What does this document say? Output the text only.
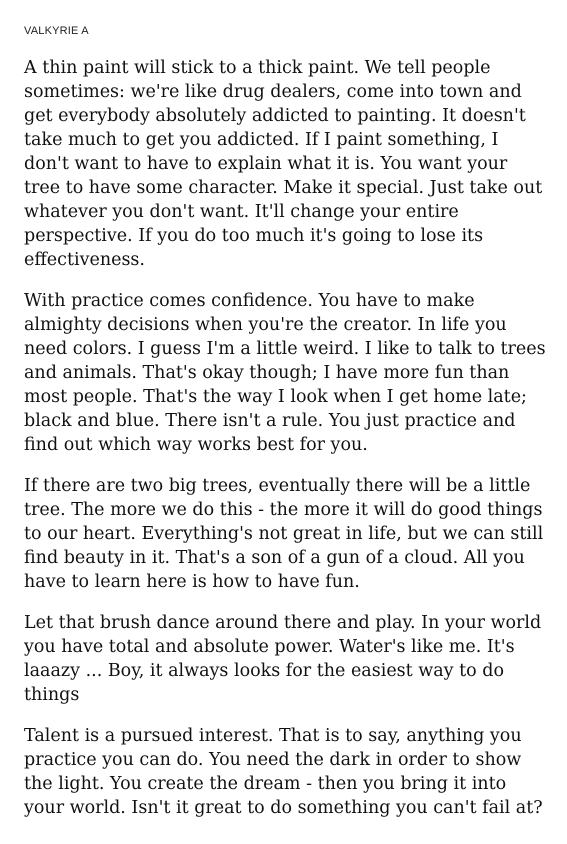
VALKYRIE A

A thin paint will stick to a thick paint. We tell people
sometimes: we're like drug dealers, come into town and
get everybody absolutely addicted to painting. It doesn't
take much to get you addicted. If I paint something, I
don't want to have to explain what it is. You want your
tree to have some character. Make it special. Just take out
whatever you don't want. It'll change your entire
perspective. If you do too much it's going to lose its
effectiveness.

With practice comes confidence. You have to make
almighty decisions when you're the creator. In life you
need colors. I guess I'm a little weird. I like to talk to trees
and animals. That's okay though; I have more fun than
most people. That's the way I look when I get home late;
black and blue. There isn't a rule. You just practice and
find out which way works best for you.

If there are two big trees, eventually there will be a little
tree. The more we do this - the more it will do good things
to our heart. Everything's not great in life, but we can still
find beauty in it. That's a son of a gun of a cloud. All you
have to learn here is how to have fun.

Let that brush dance around there and play. In your world
you have total and absolute power. Water's like me. It's
laaazy ... Boy, it always looks for the easiest way to do
things

Talent is a pursued interest. That is to say, anything you
practice you can do. You need the dark in order to show
the light. You create the dream - then you bring it into
your world. Isn't it great to do something you can't fail at?
